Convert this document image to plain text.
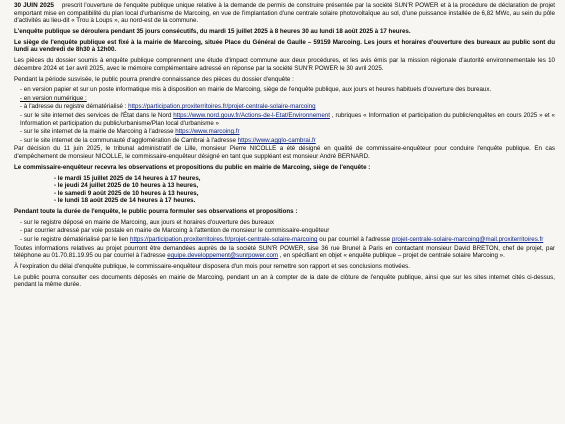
30 JUIN 2025 prescrit l'ouverture de l'enquête publique unique relative à la demande de permis de construire présentée par la société SUN'R POWER et à la procédure de déclaration de projet emportant mise en compatibilité du plan local d'urbanisme de Marcoing, en vue de l'implantation d'une centrale solaire photovoltaïque au sol, d'une puissance installée de 6,82 MWc, au sein du pôle d'activités au lieu-dit « Trou à Loups », au nord-est de la commune.

L'enquête publique se déroulera pendant 35 jours consécutifs, du mardi 15 juillet 2025 à 8 heures 30 au lundi 18 août 2025 à 17 heures.

Le siège de l'enquête publique est fixé à la mairie de Marcoing, située Place du Général de Gaulle – 59159 Marcoing. Les jours et horaires d'ouverture des bureaux au public sont du lundi au vendredi de 8h30 à 12h00.

Les pièces du dossier soumis à enquête publique comprennent une étude d'impact commune aux deux procédures, et les avis émis par la mission régionale d'autorité environnementale les 10 décembre 2024 et 1er avril 2025, avec le mémoire complémentaire adressé en réponse par la société SUN'R POWER le 30 avril 2025.

Pendant la période susvisée, le public pourra prendre connaissance des pièces du dossier d'enquête :

- en version papier et sur un poste informatique mis à disposition en mairie de Marcoing, siège de l'enquête publique, aux jours et heures habituels d'ouverture des bureaux.

- en version numérique :

- à l'adresse du registre dématérialisé : https://participation.proxiterritoires.fr/projet-centrale-solaire-marcoing

- sur le site internet des services de l'État dans le Nord https://www.nord.gouv.fr/Actions-de-l-Etat/Environnement , rubriques « Information et participation du public/enquêtes en cours 2025 » et « Information et participation du public/urbanisme/Plan local d'urbanisme »

- sur le site internet de la mairie de Marcoing à l'adresse https://www.marcoing.fr

- sur le site internet de la communauté d'agglomération de Cambrai à l'adresse https://www.agglo-cambrai.fr

Par décision du 11 juin 2025, le tribunal administratif de Lille, monsieur Pierre NICOLLE a été désigné en qualité de commissaire-enquêteur pour conduire l'enquête publique. En cas d'empêchement de monsieur NICOLLE, le commissaire-enquêteur désigné en tant que suppléant est monsieur André BERNARD.

Le commissaire-enquêteur recevra les observations et propositions du public en mairie de Marcoing, siège de l'enquête :

- le mardi 15 juillet 2025 de 14 heures à 17 heures,
- le jeudi 24 juillet 2025 de 10 heures à 13 heures,
- le samedi 9 août 2025 de 10 heures à 13 heures,
- le lundi 18 août 2025 de 14 heures à 17 heures.

Pendant toute la durée de l'enquête, le public pourra formuler ses observations et propositions :

- sur le registre déposé en mairie de Marcoing, aux jours et horaires d'ouverture des bureaux

- par courrier adressé par voie postale en mairie de Marcoing à l'attention de monsieur le commissaire-enquêteur

- sur le registre dématérialisé par le lien https://participation.proxiterritoires.fr/projet-centrale-solaire-marcoing ou par courriel à l'adresse projet-centrale-solaire-marcoing@mail.proxiterritoires.fr

Toutes informations relatives au projet pourront être demandées auprès de la société SUN'R POWER, sise 36 rue Brunel à Paris en contactant monsieur David BRETON, chef de projet, par téléphone au 01.70.81.19.95 ou par courriel à l'adresse equipe.developpement@sunrpower.com , en spécifiant en objet « enquête publique – projet de centrale solaire Marcoing ».

À l'expiration du délai d'enquête publique, le commissaire-enquêteur disposera d'un mois pour remettre son rapport et ses conclusions motivées.

Le public pourra consulter ces documents déposés en mairie de Marcoing, pendant un an à compter de la date de clôture de l'enquête publique, ainsi que sur les sites internet cités ci-dessus, pendant la même durée.
